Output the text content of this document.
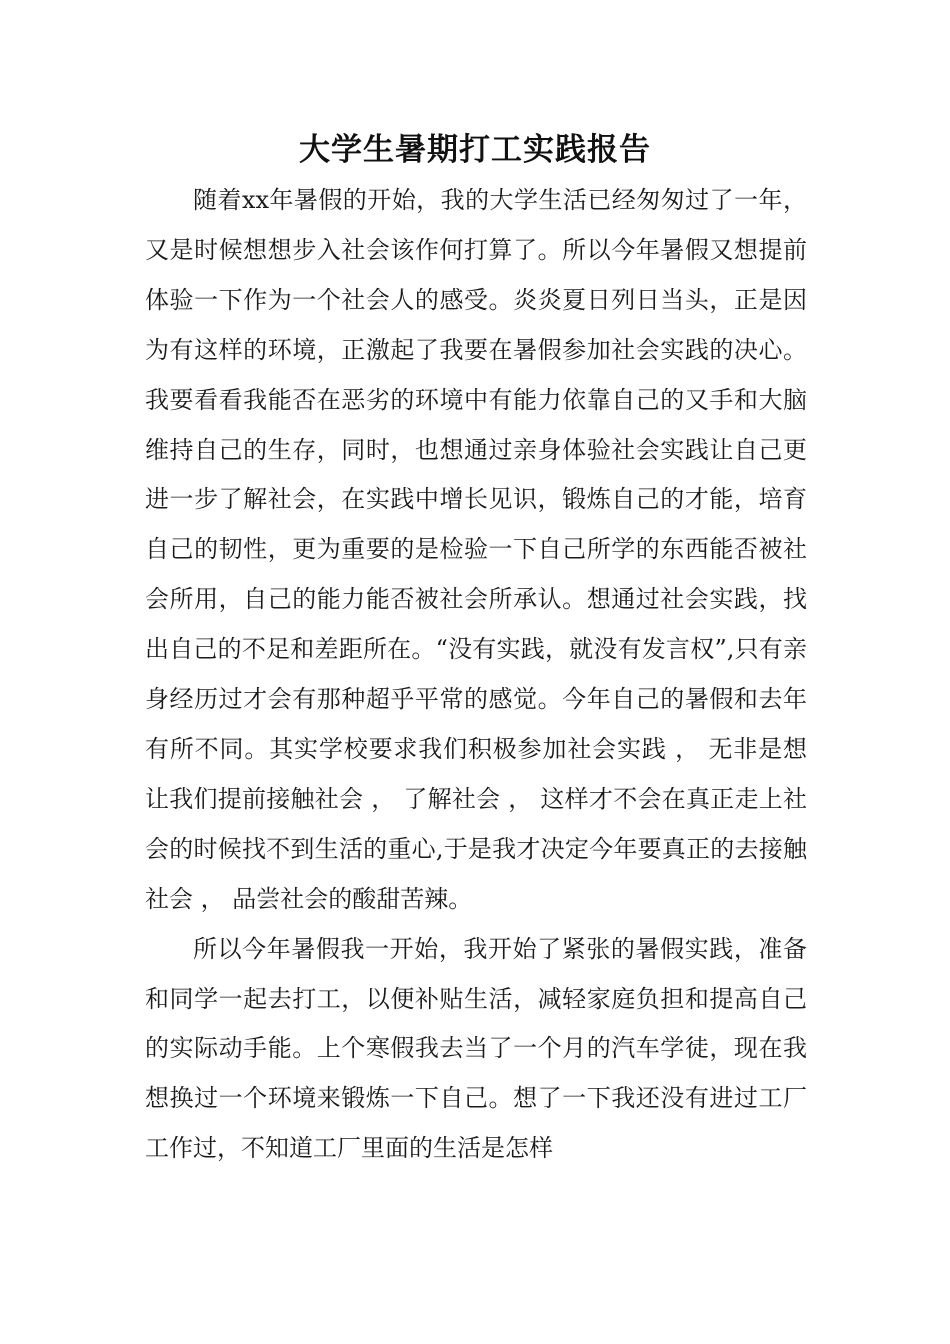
大学生暑期打工实践报告

随着xx年暑假的开始，我的大学生活已经匆匆过了一年，又是时候想想步入社会该作何打算了。所以今年暑假又想提前体验一下作为一个社会人的感受。炎炎夏日列日当头，正是因为有这样的环境，正激起了我要在暑假参加社会实践的决心。我要看看我能否在恶劣的环境中有能力依靠自己的又手和大脑维持自己的生存，同时，也想通过亲身体验社会实践让自己更进一步了解社会，在实践中增长见识，锻炼自己的才能，培育自己的韧性，更为重要的是检验一下自己所学的东西能否被社会所用，自己的能力能否被社会所承认。想通过社会实践，找出自己的不足和差距所在。“没有实践，就没有发言权”,只有亲身经历过才会有那种超乎平常的感觉。今年自己的暑假和去年有所不同。其实学校要求我们积极参加社会实践 ， 无非是想让我们提前接触社会 ， 了解社会 ， 这样才不会在真正走上社会的时候找不到生活的重心,于是我才决定今年要真正的去接触社会 ， 品尝社会的酸甜苦辣。

所以今年暑假我一开始，我开始了紧张的暑假实践，准备和同学一起去打工，以便补贴生活，减轻家庭负担和提高自己的实际动手能。上个寒假我去当了一个月的汽车学徒，现在我想换过一个环境来锻炼一下自己。想了一下我还没有进过工厂工作过，不知道工厂里面的生活是怎样
